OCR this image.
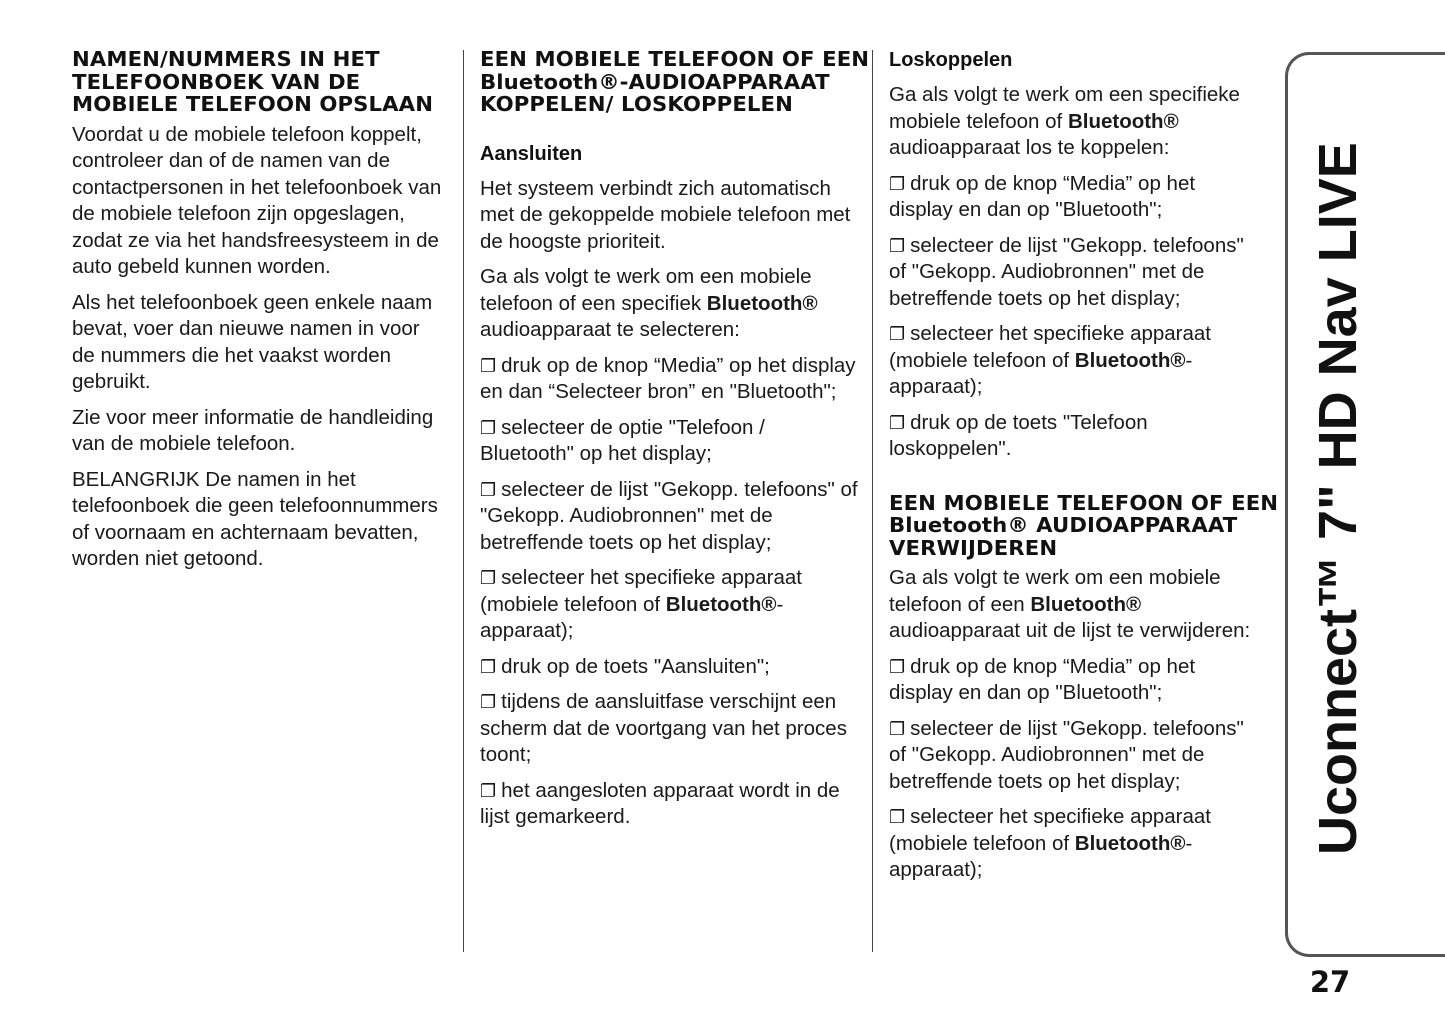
NAMEN/NUMMERS IN HET TELEFOONBOEK VAN DE MOBIELE TELEFOON OPSLAAN

Voordat u de mobiele telefoon koppelt, controleer dan of de namen van de contactpersonen in het telefoonboek van de mobiele telefoon zijn opgeslagen, zodat ze via het handsfreesysteem in de auto gebeld kunnen worden.

Als het telefoonboek geen enkele naam bevat, voer dan nieuwe namen in voor de nummers die het vaakst worden gebruikt.

Zie voor meer informatie de handleiding van de mobiele telefoon.

BELANGRIJK De namen in het telefoonboek die geen telefoonnummers of voornaam en achternaam bevatten, worden niet getoond.

EEN MOBIELE TELEFOON OF EEN Bluetooth®-AUDIOAPPARAAT KOPPELEN/ LOSKOPPELEN
Aansluiten

Het systeem verbindt zich automatisch met de gekoppelde mobiele telefoon met de hoogste prioriteit.

Ga als volgt te werk om een mobiele telefoon of een specifiek Bluetooth® audioapparaat te selecteren:

❐ druk op de knop “Media” op het display en dan “Selecteer bron” en "Bluetooth";

❐ selecteer de optie "Telefoon / Bluetooth" op het display;

❐ selecteer de lijst "Gekopp. telefoons" of "Gekopp. Audiobronnen" met de betreffende toets op het display;

❐ selecteer het specifieke apparaat (mobiele telefoon of Bluetooth®-apparaat);

❐ druk op de toets "Aansluiten";

❐ tijdens de aansluitfase verschijnt een scherm dat de voortgang van het proces toont;

❐ het aangesloten apparaat wordt in de lijst gemarkeerd.

Loskoppelen

Ga als volgt te werk om een specifieke mobiele telefoon of Bluetooth® audioapparaat los te koppelen:

❐ druk op de knop “Media” op het display en dan op "Bluetooth";

❐ selecteer de lijst "Gekopp. telefoons" of "Gekopp. Audiobronnen" met de betreffende toets op het display;

❐ selecteer het specifieke apparaat (mobiele telefoon of Bluetooth®-apparaat);

❐ druk op de toets "Telefoon loskoppelen".

EEN MOBIELE TELEFOON OF EEN Bluetooth® AUDIOAPPARAAT VERWIJDEREN

Ga als volgt te werk om een mobiele telefoon of een Bluetooth® audioapparaat uit de lijst te verwijderen:

❐ druk op de knop “Media” op het display en dan op "Bluetooth";

❐ selecteer de lijst "Gekopp. telefoons" of "Gekopp. Audiobronnen" met de betreffende toets op het display;

❐ selecteer het specifieke apparaat (mobiele telefoon of Bluetooth®-apparaat);

Uconnect™ 7" HD Nav LIVE
27
